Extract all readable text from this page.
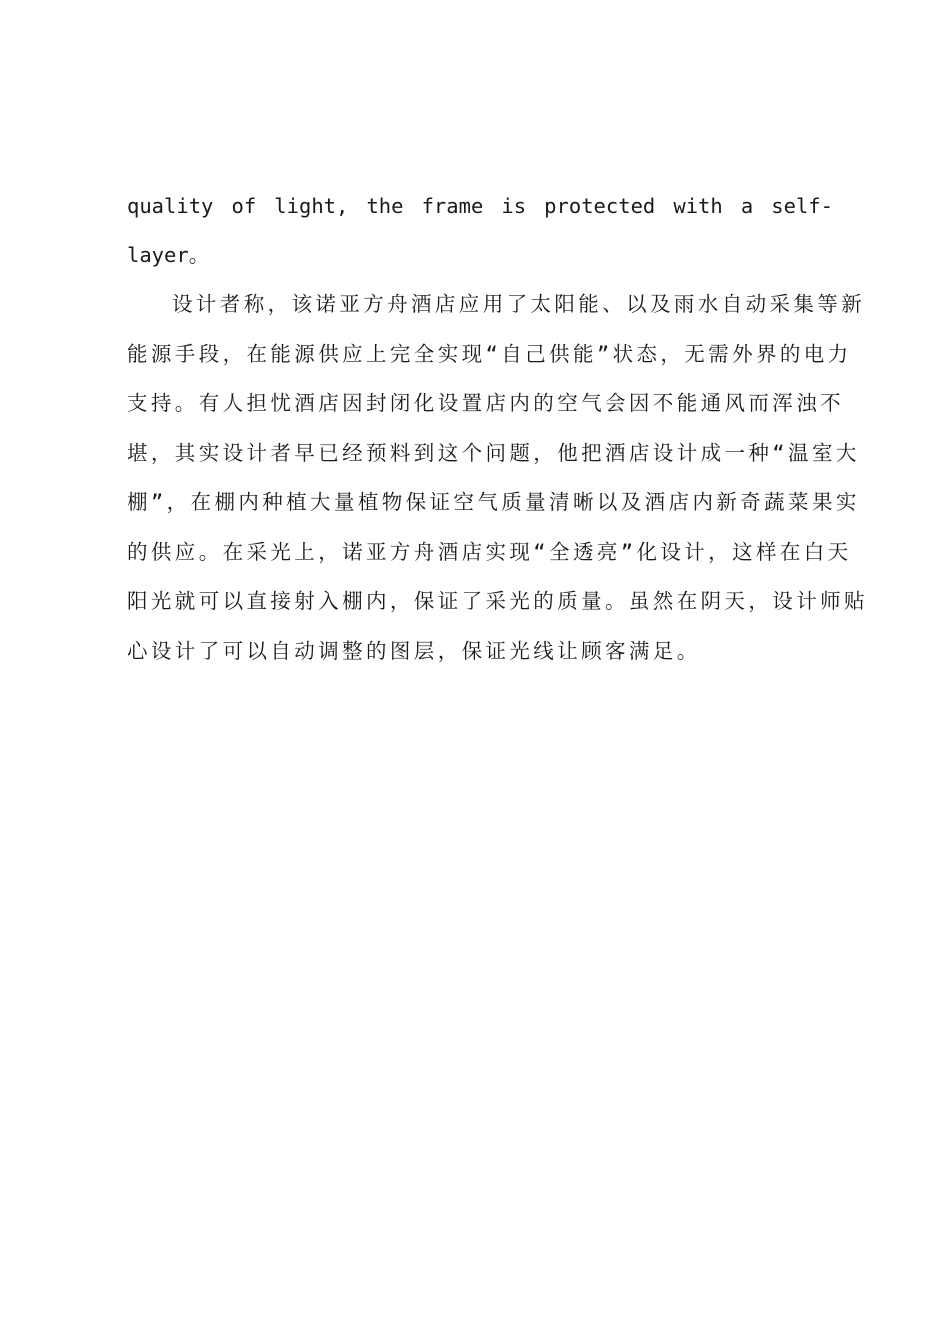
quality of light, the frame is protected with a self-
layer。
设计者称，该诺亚方舟酒店应用了太阳能、以及雨水自动采集等新
能源手段，在能源供应上完全实现“自己供能”状态，无需外界的电力
支持。有人担忧酒店因封闭化设置店内的空气会因不能通风而浑浊不
堪，其实设计者早已经预料到这个问题，他把酒店设计成一种“温室大
棚”，在棚内种植大量植物保证空气质量清晰以及酒店内新奇蔬菜果实
的供应。在采光上，诺亚方舟酒店实现“全透亮”化设计，这样在白天
阳光就可以直接射入棚内，保证了采光的质量。虽然在阴天，设计师贴
心设计了可以自动调整的图层，保证光线让顾客满足。
